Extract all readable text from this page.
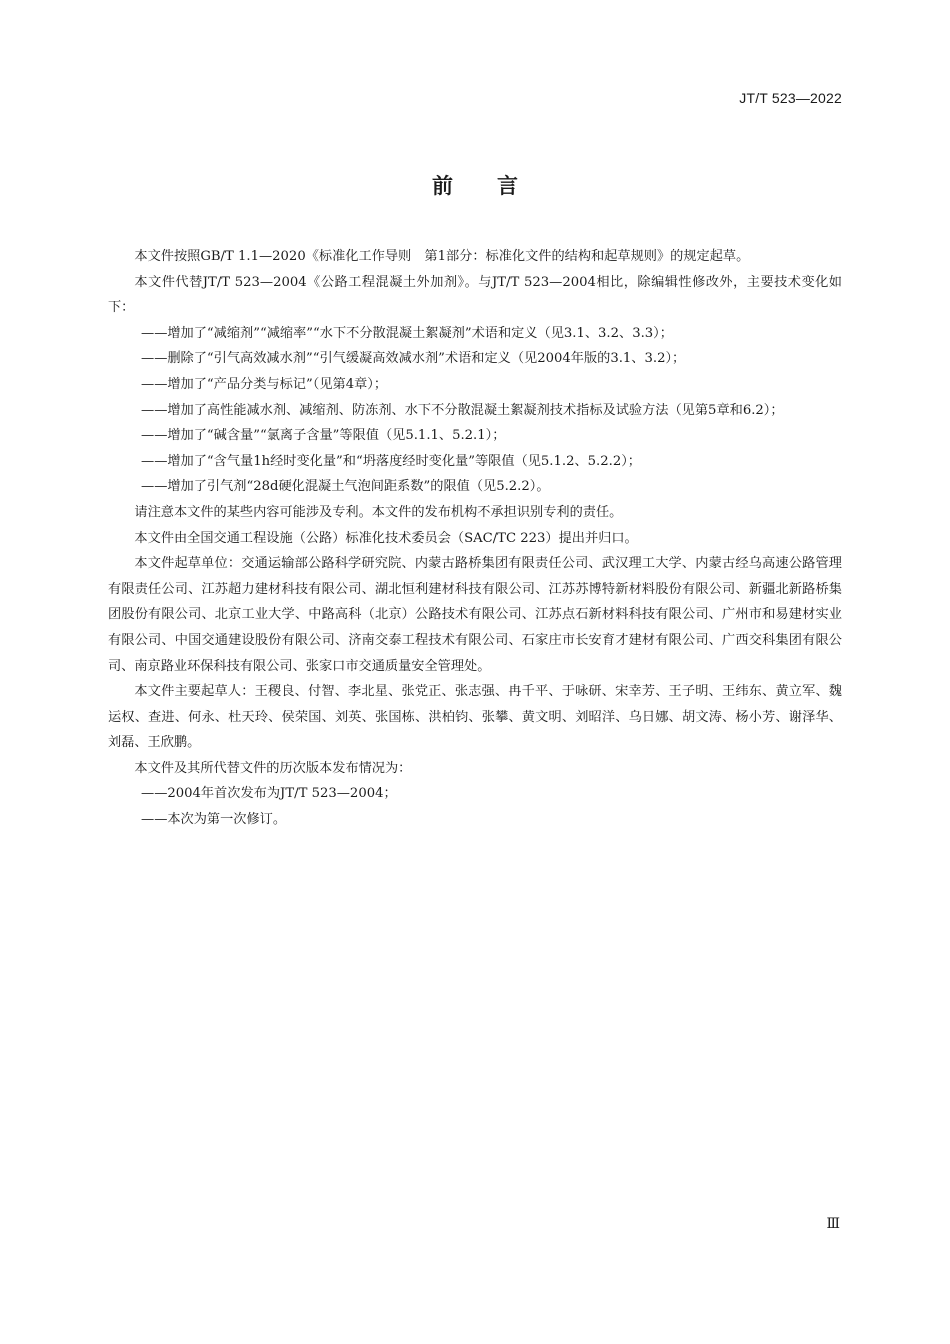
JT/T 523—2022
前言

本文件按照GB/T 1.1—2020《标准化工作导则　第1部分：标准化文件的结构和起草规则》的规定起草。

本文件代替JT/T 523—2004《公路工程混凝土外加剂》。与JT/T 523—2004相比，除编辑性修改外，主要技术变化如下：

——增加了“减缩剂”“减缩率”“水下不分散混凝土絮凝剂”术语和定义（见3.1、3.2、3.3）；

——删除了“引气高效减水剂”“引气缓凝高效减水剂”术语和定义（见2004年版的3.1、3.2）；

——增加了“产品分类与标记”（见第4章）；

——增加了高性能减水剂、减缩剂、防冻剂、水下不分散混凝土絮凝剂技术指标及试验方法（见第5章和6.2）；

——增加了“碱含量”“氯离子含量”等限值（见5.1.1、5.2.1）；

——增加了“含气量1h经时变化量”和“坍落度经时变化量”等限值（见5.1.2、5.2.2）；

——增加了引气剂“28d硬化混凝土气泡间距系数”的限值（见5.2.2）。

请注意本文件的某些内容可能涉及专利。本文件的发布机构不承担识别专利的责任。

本文件由全国交通工程设施（公路）标准化技术委员会（SAC/TC 223）提出并归口。

本文件起草单位：交通运输部公路科学研究院、内蒙古路桥集团有限责任公司、武汉理工大学、内蒙古经乌高速公路管理有限责任公司、江苏超力建材科技有限公司、湖北恒利建材科技有限公司、江苏苏博特新材料股份有限公司、新疆北新路桥集团股份有限公司、北京工业大学、中路高科（北京）公路技术有限公司、江苏点石新材料科技有限公司、广州市和易建材实业有限公司、中国交通建设股份有限公司、济南交泰工程技术有限公司、石家庄市长安育才建材有限公司、广西交科集团有限公司、南京路业环保科技有限公司、张家口市交通质量安全管理处。

本文件主要起草人：王稷良、付智、李北星、张党正、张志强、冉千平、于咏研、宋幸芳、王子明、王纬东、黄立军、魏运权、查进、何永、杜天玲、侯荣国、刘英、张国栋、洪柏钧、张攀、黄文明、刘昭洋、乌日娜、胡文涛、杨小芳、谢泽华、刘磊、王欣鹏。

本文件及其所代替文件的历次版本发布情况为：

——2004年首次发布为JT/T 523—2004；

——本次为第一次修订。

Ⅲ
